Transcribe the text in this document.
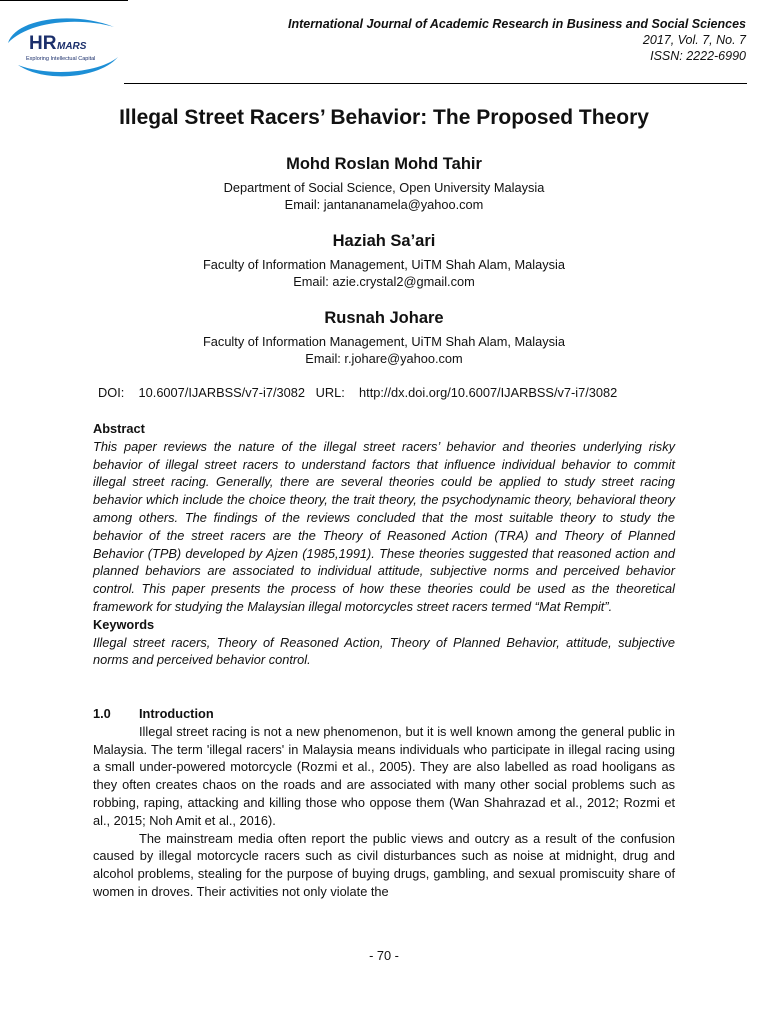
HR MARS
Exploring Intellectual Capital
International Journal of Academic Research in Business and Social Sciences
2017, Vol. 7, No. 7
ISSN: 2222-6990
Illegal Street Racers’ Behavior: The Proposed Theory
Mohd Roslan Mohd Tahir
Department of Social Science, Open University Malaysia
Email: jantananamela@yahoo.com
Haziah Sa’ari
Faculty of Information Management, UiTM Shah Alam, Malaysia
Email: azie.crystal2@gmail.com
Rusnah Johare
Faculty of Information Management, UiTM Shah Alam, Malaysia
Email: r.johare@yahoo.com
DOI:    10.6007/IJARBSS/v7-i7/3082   URL:    http://dx.doi.org/10.6007/IJARBSS/v7-i7/3082
Abstract
This paper reviews the nature of the illegal street racers’ behavior and theories underlying risky behavior of illegal street racers to understand factors that influence individual behavior to commit illegal street racing. Generally, there are several theories could be applied to study street racing behavior which include the choice theory, the trait theory, the psychodynamic theory, behavioral theory among others. The findings of the reviews concluded that the most suitable theory to study the behavior of the street racers are the Theory of Reasoned Action (TRA) and Theory of Planned Behavior (TPB) developed by Ajzen (1985,1991). These theories suggested that reasoned action and planned behaviors are associated to individual attitude, subjective norms and perceived behavior control. This paper presents the process of how these theories could be used as the theoretical framework for studying the Malaysian illegal motorcycles street racers termed “Mat Rempit”.
Keywords
Illegal street racers, Theory of Reasoned Action, Theory of Planned Behavior, attitude, subjective norms and perceived behavior control.
1.0 Introduction
Illegal street racing is not a new phenomenon, but it is well known among the general public in Malaysia. The term 'illegal racers' in Malaysia means individuals who participate in illegal racing using a small under-powered motorcycle (Rozmi et al., 2005). They are also labelled as road hooligans as they often creates chaos on the roads and are associated with many other social problems such as robbing, raping, attacking and killing those who oppose them (Wan Shahrazad et al., 2012; Rozmi et al., 2015; Noh Amit et al., 2016).
The mainstream media often report the public views and outcry as a result of the confusion caused by illegal motorcycle racers such as civil disturbances such as noise at midnight, drug and alcohol problems, stealing for the purpose of buying drugs, gambling, and sexual promiscuity share of women in droves. Their activities not only violate the
- 70 -
